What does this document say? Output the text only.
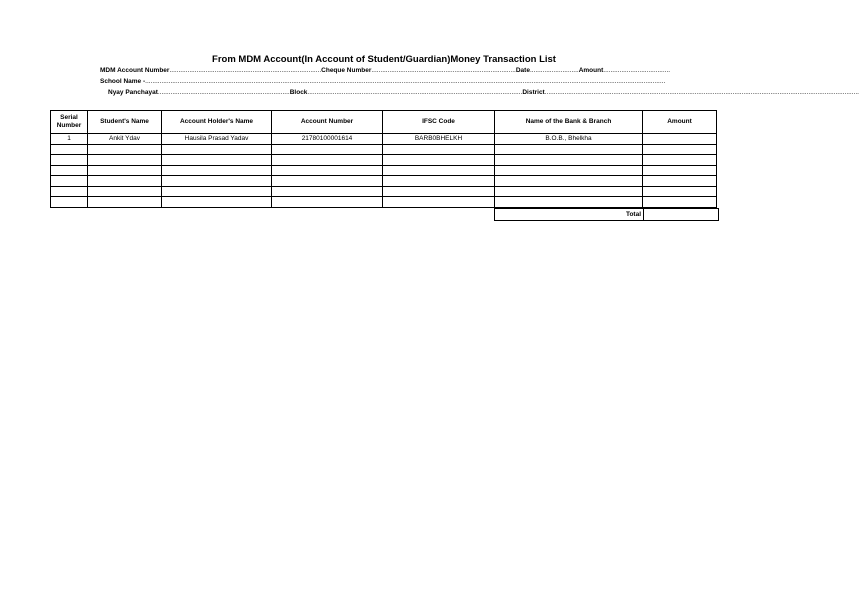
From MDM Account(In Account of Student/Guardian)Money Transaction List
MDM Account Number....................................................................................Cheque Number................................................................................Date...........................Amount.....................................
School Name -................................................................................................................................................................................................................................................................................................
Nyay Panchayat.........................................................................Block.......................................................................................................................District..............................................................................................................................................................................
Serial Number	Student's Name	Account Holder's Name	Account Number	IFSC Code	Name of the Bank & Branch	Amount
1	Ankit Ydav	Hausila Prasad Yadav	21780100001614	BARB0BHELKH	B.O.B., Bhelkha	

Total	
